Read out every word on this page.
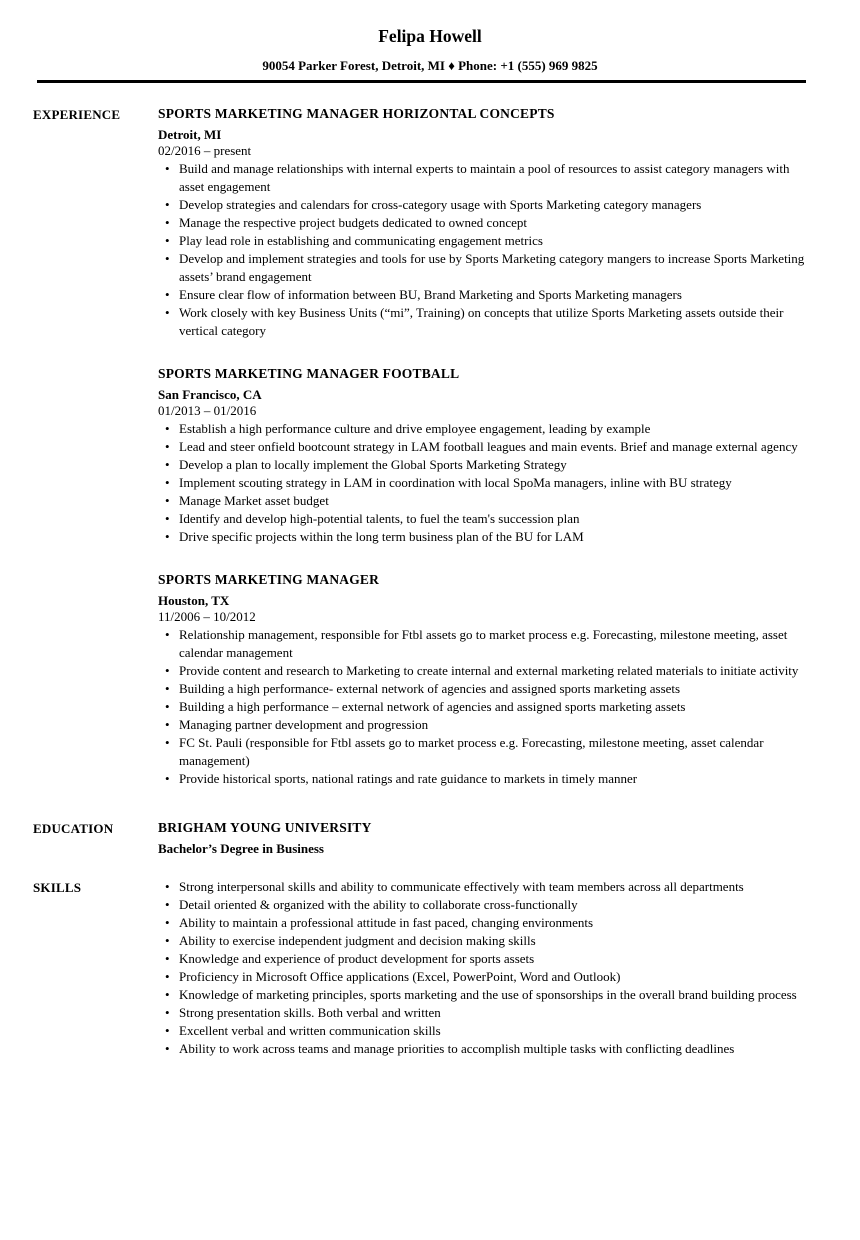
Felipa Howell
90054 Parker Forest, Detroit, MI ♦ Phone: +1 (555) 969 9825
EXPERIENCE	SPORTS MARKETING MANAGER HORIZONTAL CONCEPTS
Detroit, MI
02/2016 – present
• Build and manage relationships with internal experts to maintain a pool of resources to assist category managers with asset engagement
• Develop strategies and calendars for cross-category usage with Sports Marketing category managers
• Manage the respective project budgets dedicated to owned concept
• Play lead role in establishing and communicating engagement metrics
• Develop and implement strategies and tools for use by Sports Marketing category mangers to increase Sports Marketing assets’ brand engagement
• Ensure clear flow of information between BU, Brand Marketing and Sports Marketing managers
• Work closely with key Business Units (“mi”, Training) on concepts that utilize Sports Marketing assets outside their vertical category
SPORTS MARKETING MANAGER FOOTBALL
San Francisco, CA
01/2013 – 01/2016
• Establish a high performance culture and drive employee engagement, leading by example
• Lead and steer onfield bootcount strategy in LAM football leagues and main events. Brief and manage external agency
• Develop a plan to locally implement the Global Sports Marketing Strategy
• Implement scouting strategy in LAM in coordination with local SpoMa managers, inline with BU strategy
• Manage Market asset budget
• Identify and develop high-potential talents, to fuel the team's succession plan
• Drive specific projects within the long term business plan of the BU for LAM
SPORTS MARKETING MANAGER
Houston, TX
11/2006 – 10/2012
• Relationship management, responsible for Ftbl assets go to market process e.g. Forecasting, milestone meeting, asset calendar management
• Provide content and research to Marketing to create internal and external marketing related materials to initiate activity
• Building a high performance- external network of agencies and assigned sports marketing assets
• Building a high performance – external network of agencies and assigned sports marketing assets
• Managing partner development and progression
• FC St. Pauli (responsible for Ftbl assets go to market process e.g. Forecasting, milestone meeting, asset calendar management)
• Provide historical sports, national ratings and rate guidance to markets in timely manner
EDUCATION	BRIGHAM YOUNG UNIVERSITY
Bachelor’s Degree in Business
SKILLS	• Strong interpersonal skills and ability to communicate effectively with team members across all departments
• Detail oriented & organized with the ability to collaborate cross-functionally
• Ability to maintain a professional attitude in fast paced, changing environments
• Ability to exercise independent judgment and decision making skills
• Knowledge and experience of product development for sports assets
• Proficiency in Microsoft Office applications (Excel, PowerPoint, Word and Outlook)
• Knowledge of marketing principles, sports marketing and the use of sponsorships in the overall brand building process
• Strong presentation skills. Both verbal and written
• Excellent verbal and written communication skills
• Ability to work across teams and manage priorities to accomplish multiple tasks with conflicting deadlines
